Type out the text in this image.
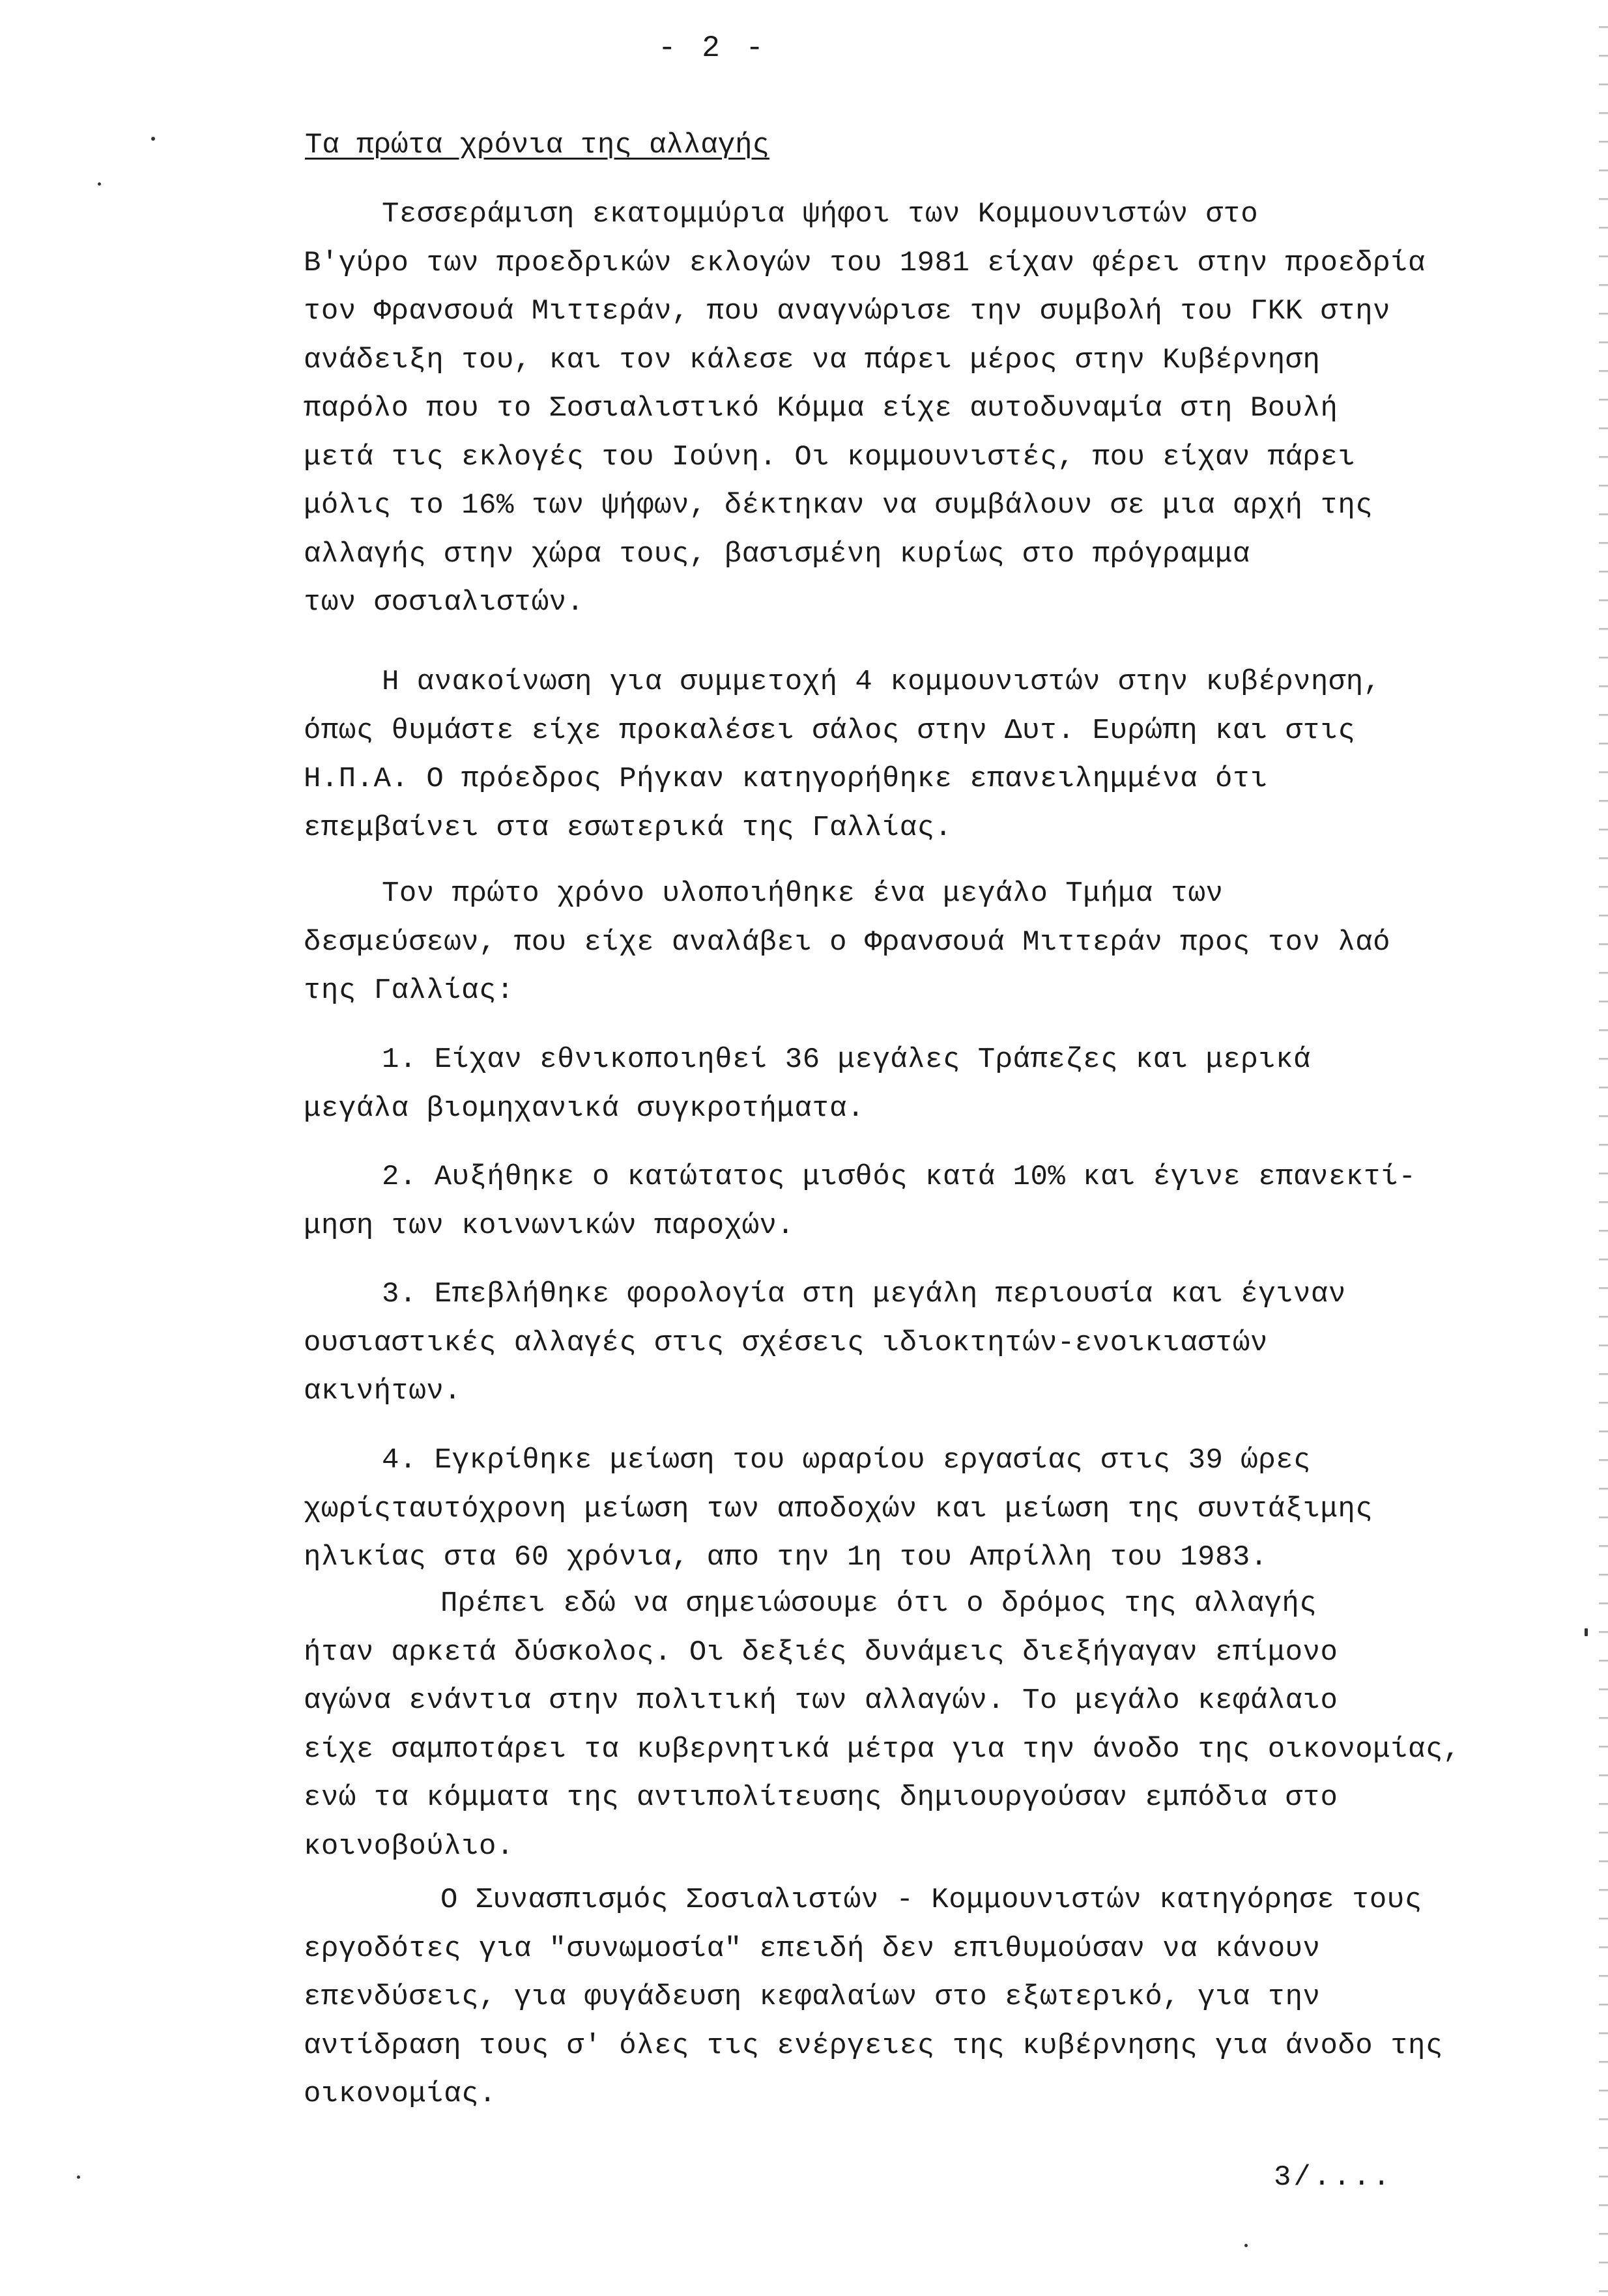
- 2 -
Τα πρώτα χρόνια της αλλαγής
Τεσσεράμιση εκατομμύρια ψήφοι των Κομμουνιστών στο
Β'γύρο των προεδρικών εκλογών του 1981 είχαν φέρει στην προεδρία
τον Φρανσουά Μιττεράν, που αναγνώρισε την συμβολή του ΓΚΚ στην
ανάδειξη του, και τον κάλεσε να πάρει μέρος στην Κυβέρνηση
παρόλο που το Σοσιαλιστικό Κόμμα είχε αυτοδυναμία στη Βουλή
μετά τις εκλογές του Ιούνη. Οι κομμουνιστές, που είχαν πάρει
μόλις το 16% των ψήφων, δέκτηκαν να συμβάλουν σε μια αρχή της
αλλαγής στην χώρα τους, βασισμένη κυρίως στο πρόγραμμα
των σοσιαλιστών.
Η ανακοίνωση για συμμετοχή 4 κομμουνιστών στην κυβέρνηση,
όπως θυμάστε είχε προκαλέσει σάλος στην Δυτ. Ευρώπη και στις
Η.Π.Α. Ο πρόεδρος Ρήγκαν κατηγορήθηκε επανειλημμένα ότι
επεμβαίνει στα εσωτερικά της Γαλλίας.
Τον πρώτο χρόνο υλοποιήθηκε ένα μεγάλο Τμήμα των
δεσμεύσεων, που είχε αναλάβει ο Φρανσουά Μιττεράν προς τον λαό
της Γαλλίας:
1. Είχαν εθνικοποιηθεί 36 μεγάλες Τράπεζες και μερικά
μεγάλα βιομηχανικά συγκροτήματα.
2. Αυξήθηκε ο κατώτατος μισθός κατά 10% και έγινε επανεκτί-
μηση των κοινωνικών παροχών.
3. Επεβλήθηκε φορολογία στη μεγάλη περιουσία και έγιναν
ουσιαστικές αλλαγές στις σχέσεις ιδιοκτητών-ενοικιαστών
ακινήτων.
4. Εγκρίθηκε μείωση του ωραρίου εργασίας στις 39 ώρες
χωρίςταυτόχρονη μείωση των αποδοχών και μείωση της συντάξιμης
ηλικίας στα 60 χρόνια, απο την 1η του Απρίλλη του 1983.
Πρέπει εδώ να σημειώσουμε ότι ο δρόμος της αλλαγής
ήταν αρκετά δύσκολος. Οι δεξιές δυνάμεις διεξήγαγαν επίμονο
αγώνα ενάντια στην πολιτική των αλλαγών. Το μεγάλο κεφάλαιο
είχε σαμποτάρει τα κυβερνητικά μέτρα για την άνοδο της οικονομίας,
ενώ τα κόμματα της αντιπολίτευσης δημιουργούσαν εμπόδια στο
κοινοβούλιο.
Ο Συνασπισμός Σοσιαλιστών - Κομμουνιστών κατηγόρησε τους
εργοδότες για "συνωμοσία" επειδή δεν επιθυμούσαν να κάνουν
επενδύσεις, για φυγάδευση κεφαλαίων στο εξωτερικό, για την
αντίδραση τους σ' όλες τις ενέργειες της κυβέρνησης για άνοδο της
οικονομίας.
3/....
